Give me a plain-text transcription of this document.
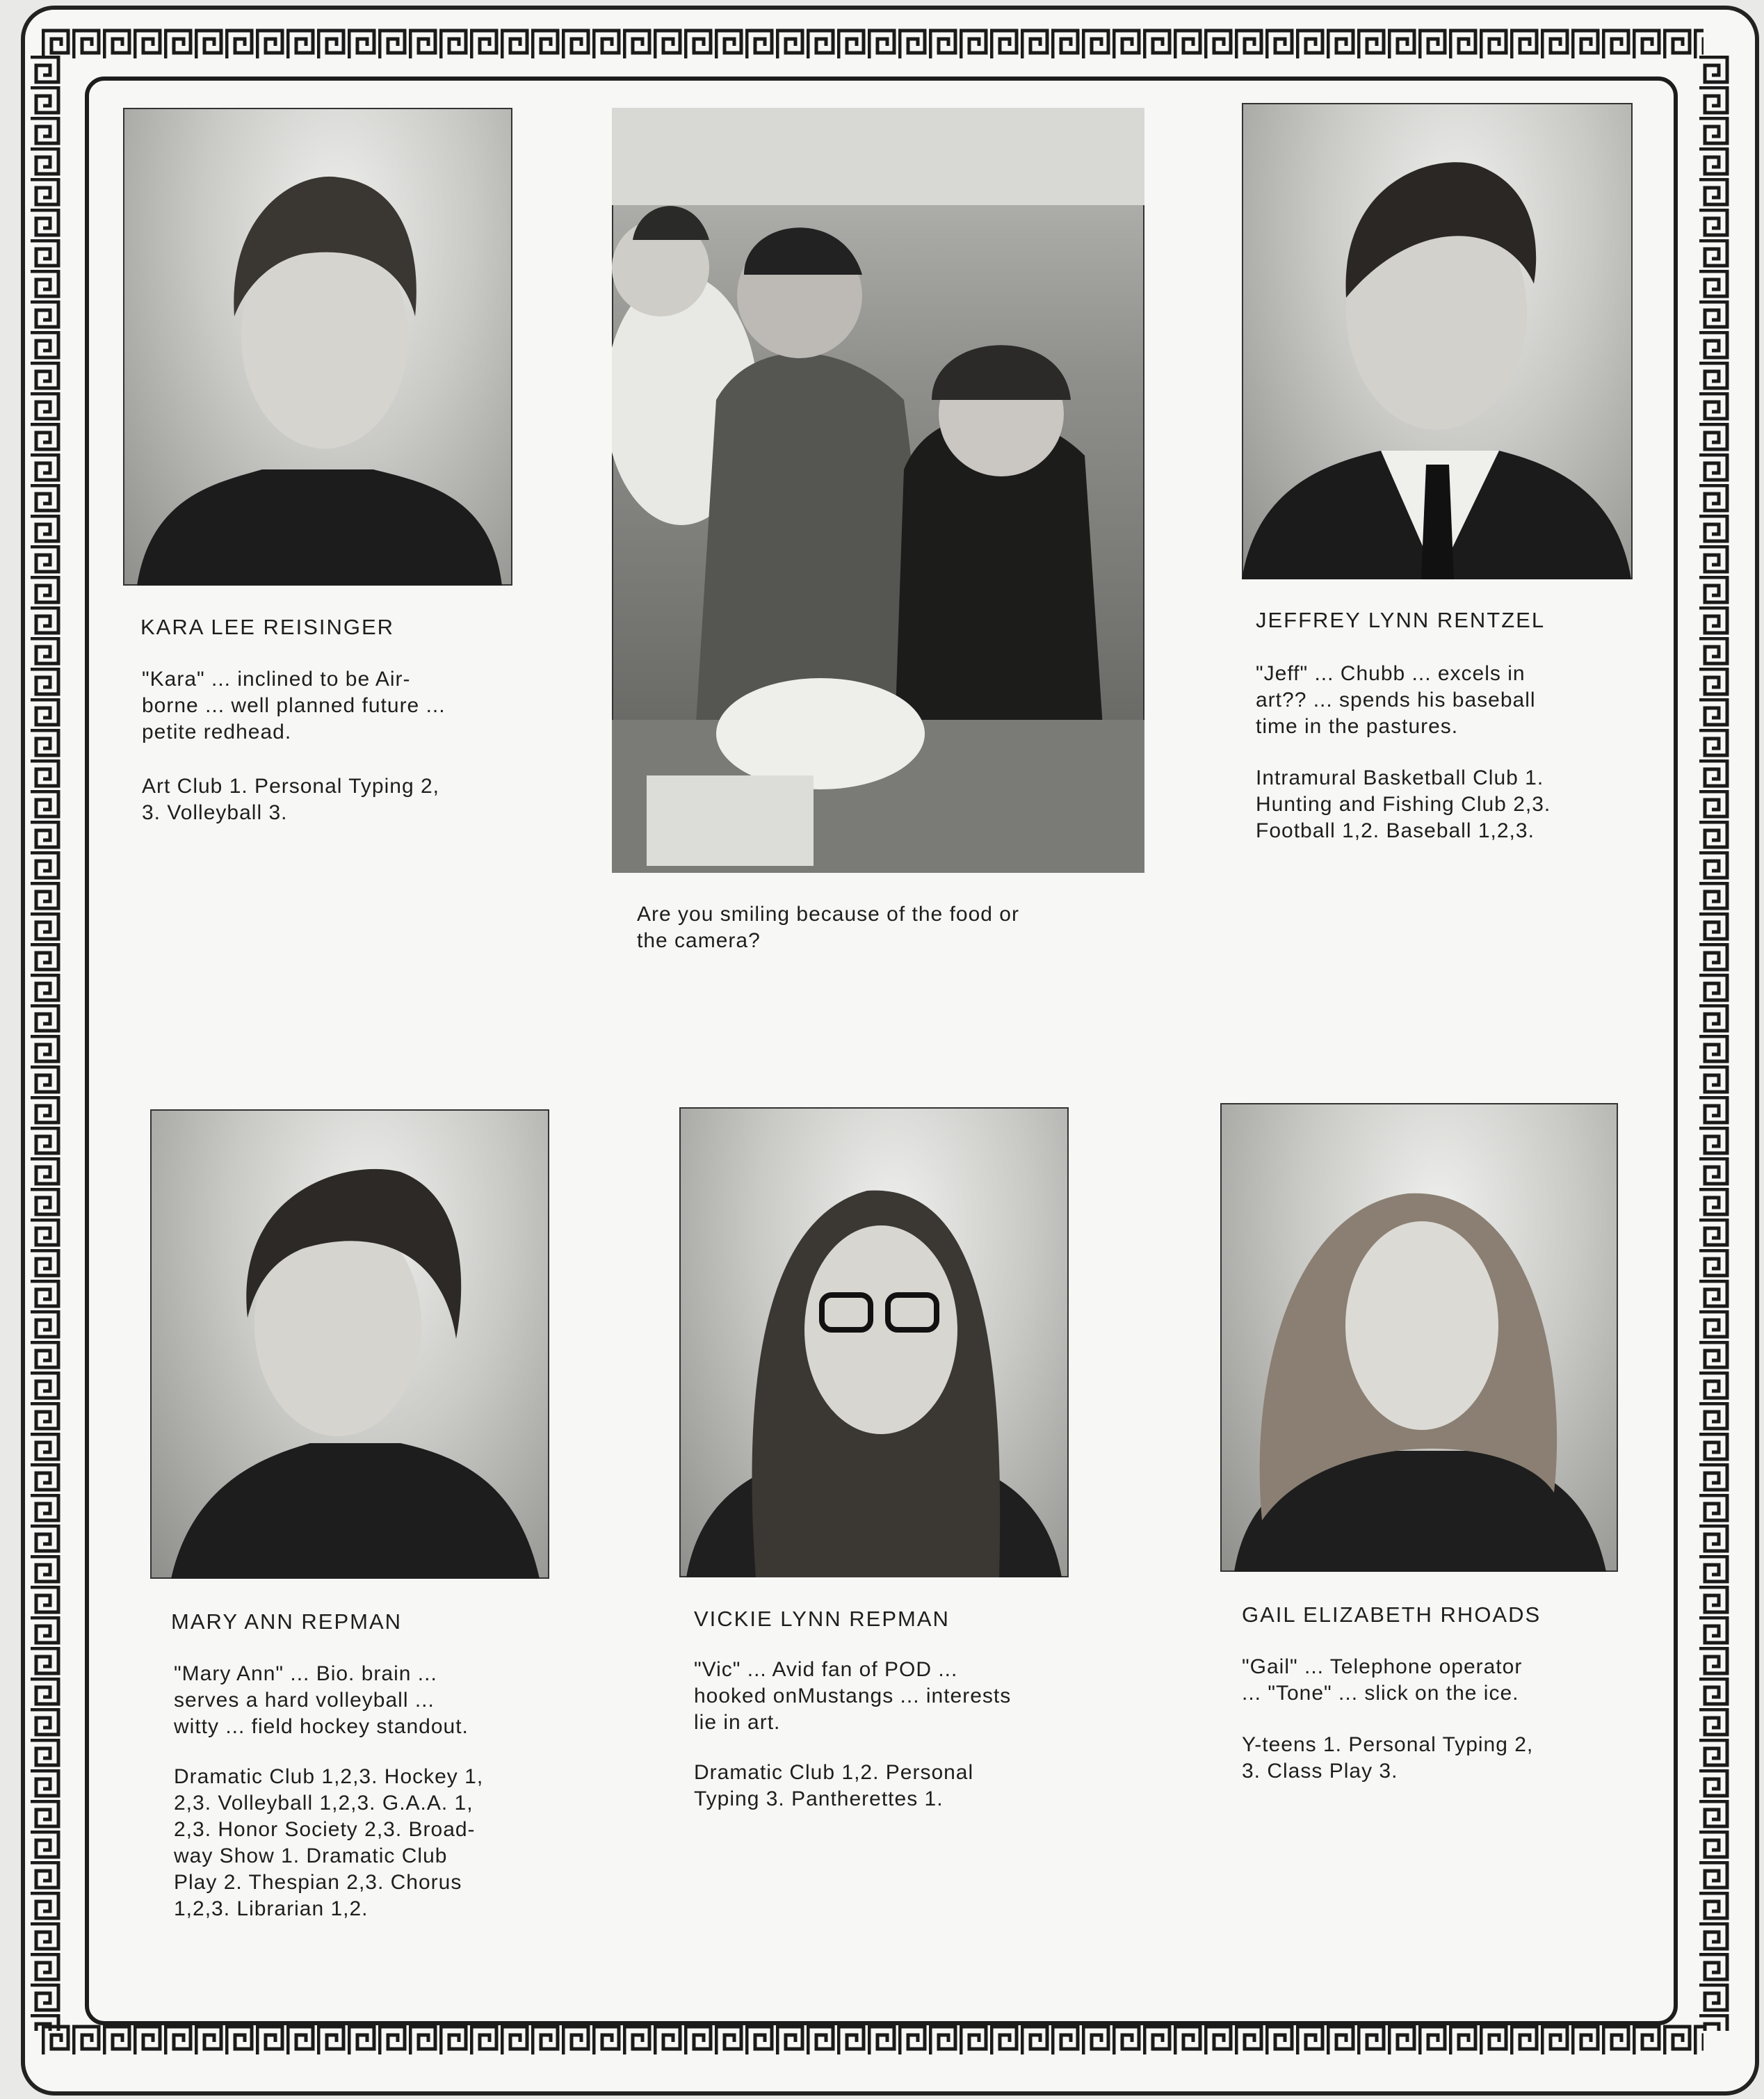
KARA LEE REISINGER
"Kara" ... inclined to be Air-
borne ... well planned future ...
petite redhead.
Art Club 1. Personal Typing 2,
3. Volleyball 3.
Are you smiling because of the food or
the camera?
JEFFREY LYNN RENTZEL
"Jeff" ... Chubb ... excels in
art?? ... spends his baseball
time in the pastures.
Intramural Basketball Club 1.
Hunting and Fishing Club 2,3.
Football 1,2. Baseball 1,2,3.
MARY ANN REPMAN
"Mary Ann" ... Bio. brain ...
serves a hard volleyball ...
witty ... field hockey standout.
Dramatic Club 1,2,3. Hockey 1,
2,3. Volleyball 1,2,3. G.A.A. 1,
2,3. Honor Society 2,3. Broad-
way Show 1. Dramatic Club
Play 2. Thespian 2,3. Chorus
1,2,3. Librarian 1,2.
VICKIE LYNN REPMAN
"Vic" ... Avid fan of POD ...
hooked onMustangs ... interests
lie in art.
Dramatic Club 1,2. Personal
Typing 3. Pantherettes 1.
GAIL ELIZABETH RHOADS
"Gail" ... Telephone operator
... "Tone" ... slick on the ice.
Y-teens 1. Personal Typing 2,
3. Class Play 3.
